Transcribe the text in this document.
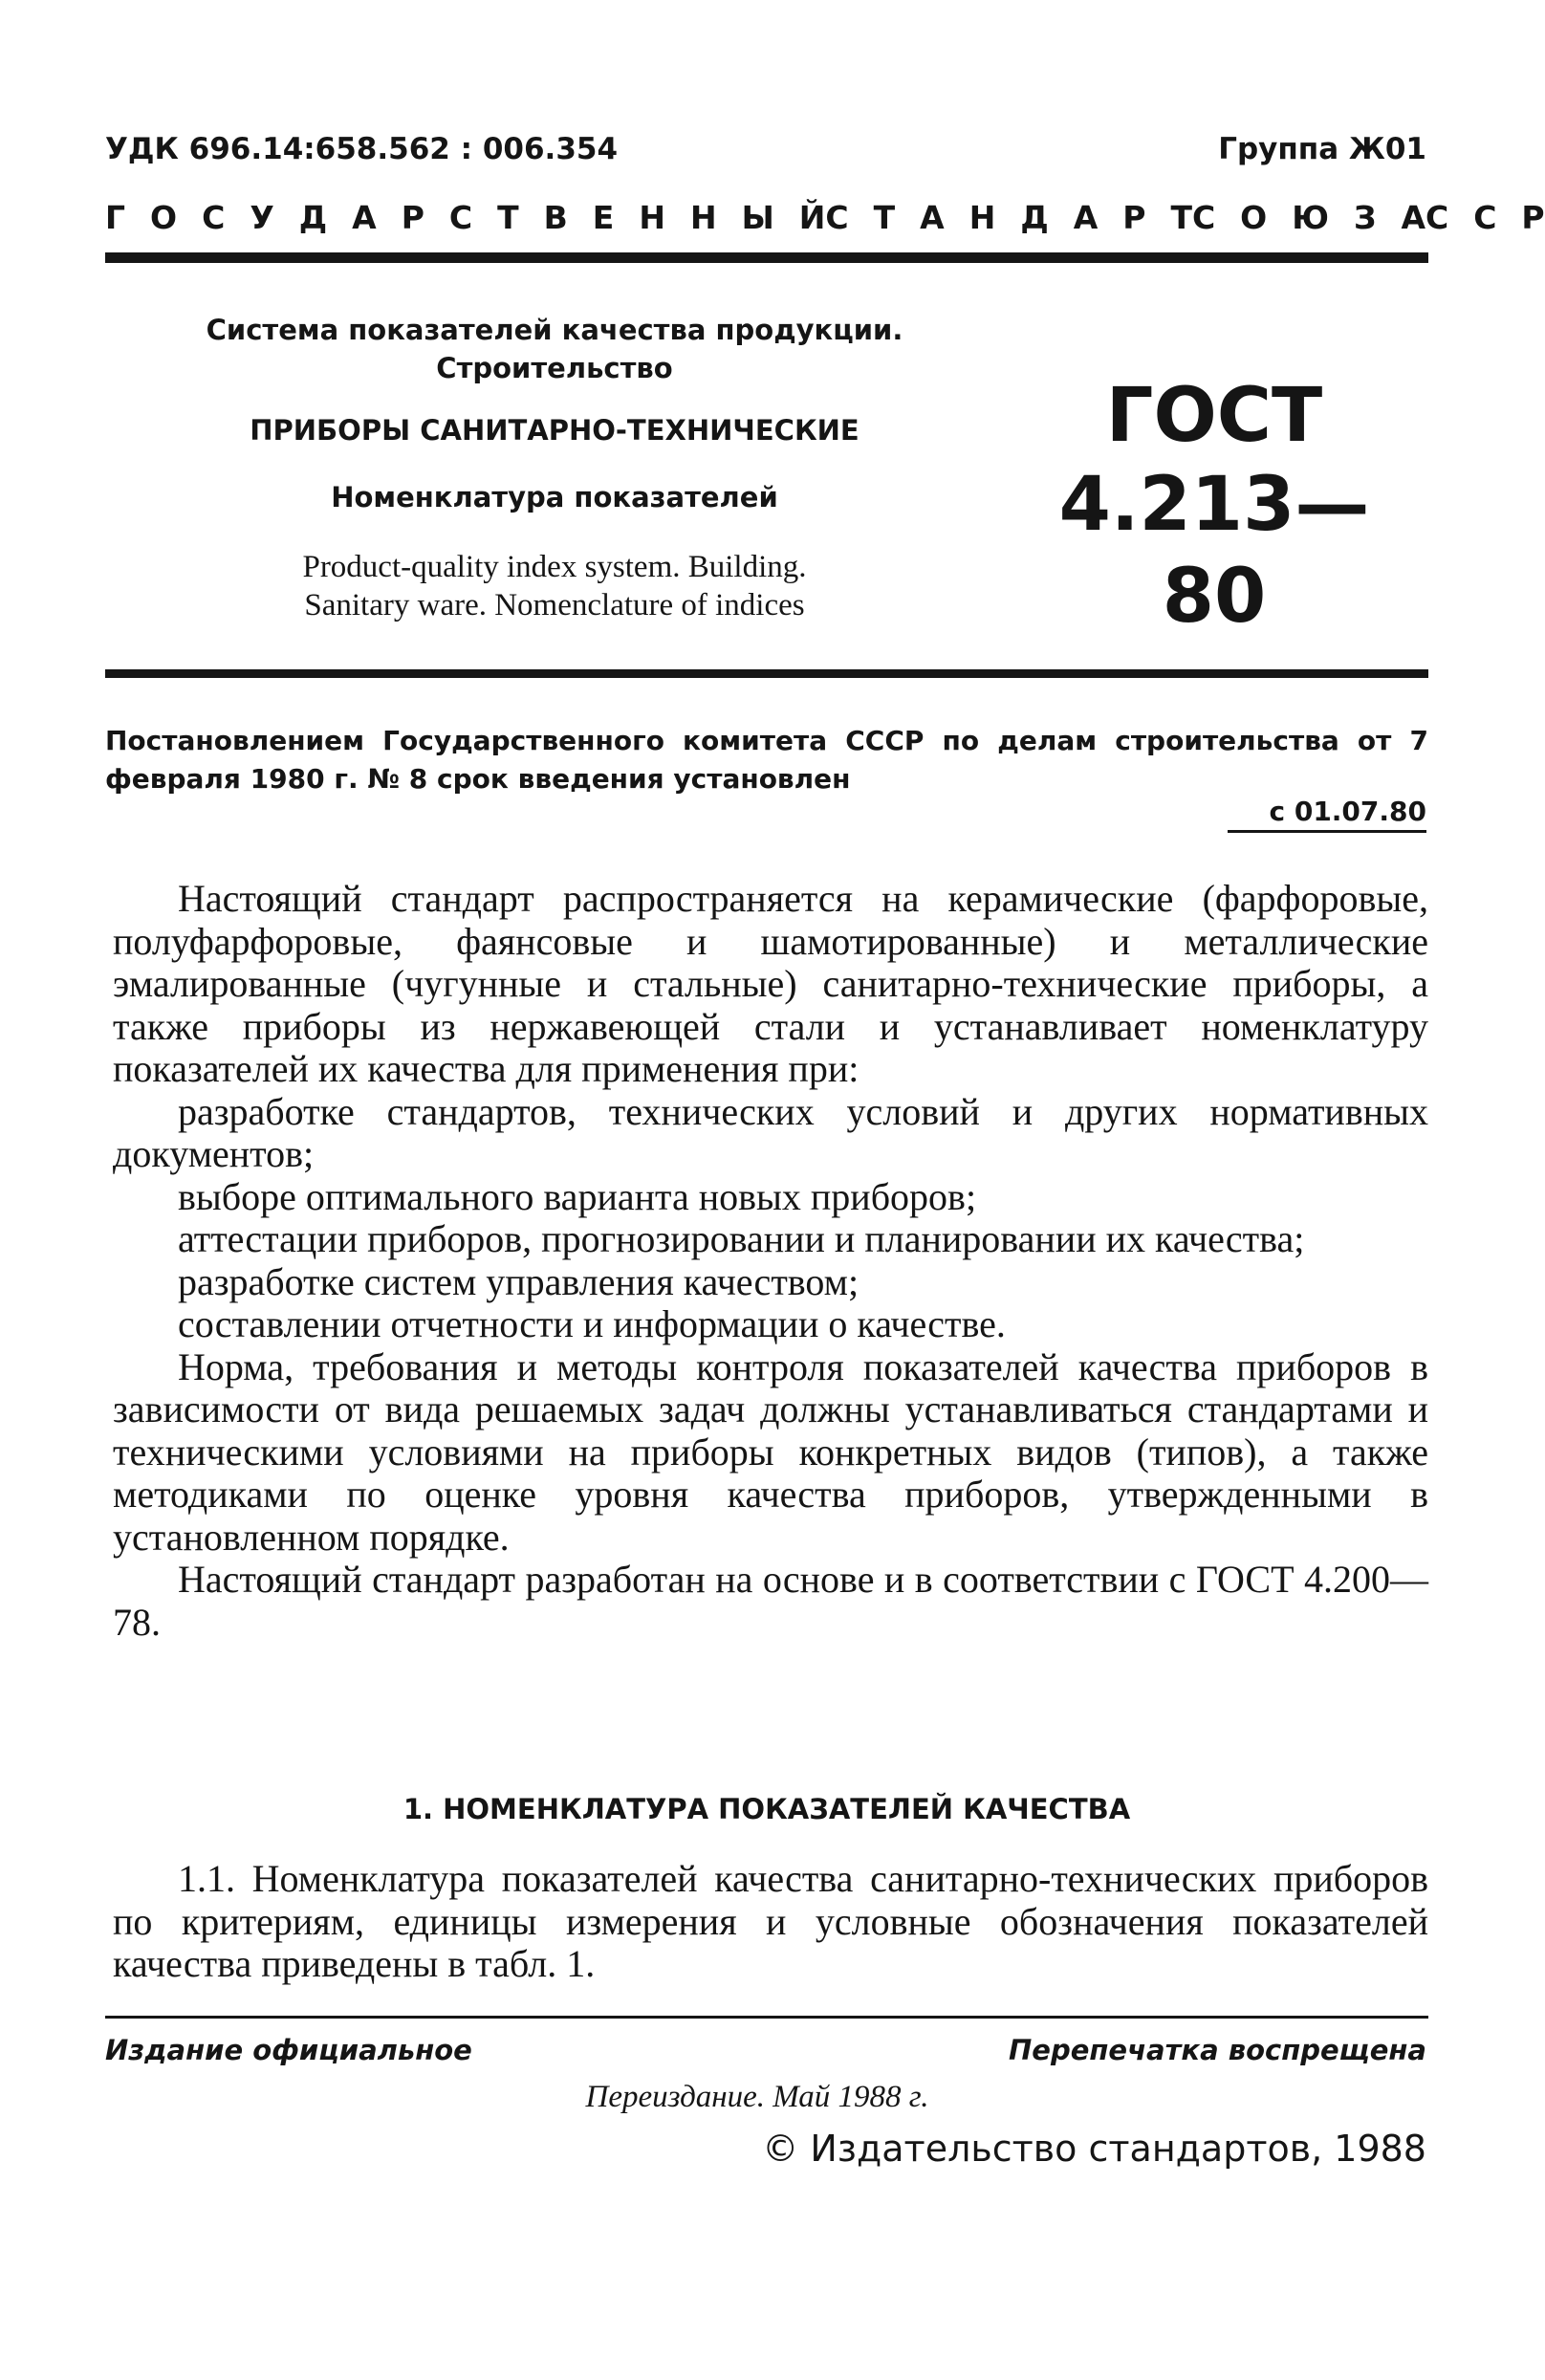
УДК 696.14:658.562 : 006.354	Группа Ж01
Г О С У Д А Р С Т В Е Н Н Ы Й С Т А Н Д А Р Т С О Ю З А С С Р
Система показателей качества продукции.
Строительство
ПРИБОРЫ САНИТАРНО-ТЕХНИЧЕСКИЕ
Номенклатура показателей
Product-quality index system. Building.
Sanitary ware. Nomenclature of indices
ГОСТ
4.213—80
Постановлением Государственного комитета СССР по делам строительства от 7 февраля 1980 г. № 8 срок введения установлен
с 01.07.80

Настоящий стандарт распространяется на керамические (фарфоровые, полуфарфоровые, фаянсовые и шамотированные) и металлические эмалированные (чугунные и стальные) санитарно-технические приборы, а также приборы из нержавеющей стали и устанавливает номенклатуру показателей их качества для применения при:

разработке стандартов, технических условий и других нормативных документов;

выборе оптимального варианта новых приборов;

аттестации приборов, прогнозировании и планировании их качества;

разработке систем управления качеством;

составлении отчетности и информации о качестве.

Норма, требования и методы контроля показателей качества приборов в зависимости от вида решаемых задач должны устанавливаться стандартами и техническими условиями на приборы конкретных видов (типов), а также методиками по оценке уровня качества приборов, утвержденными в установленном порядке.

Настоящий стандарт разработан на основе и в соответствии с ГОСТ 4.200—78.

1. НОМЕНКЛАТУРА ПОКАЗАТЕЛЕЙ КАЧЕСТВА

1.1. Номенклатура показателей качества санитарно-технических приборов по критериям, единицы измерения и условные обозначения показателей качества приведены в табл. 1.

Издание официальное	Перепечатка воспрещена
Переиздание. Май 1988 г.
© Издательство стандартов, 1988
